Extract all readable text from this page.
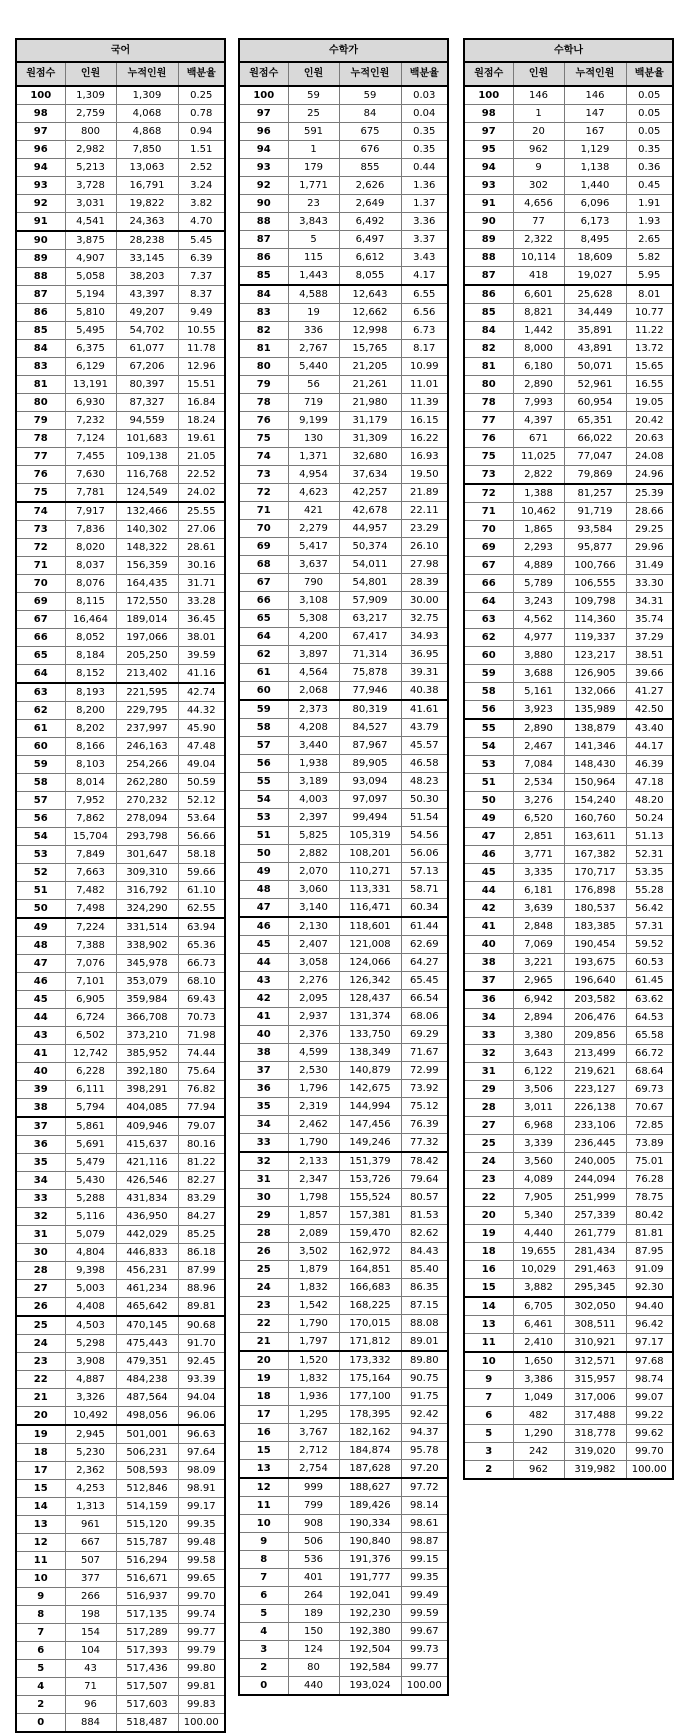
국어			
원점수	인원	누적인원	백분율
100	1,309	1,309	0.25
98	2,759	4,068	0.78
97	800	4,868	0.94
96	2,982	7,850	1.51
94	5,213	13,063	2.52
93	3,728	16,791	3.24
92	3,031	19,822	3.82
91	4,541	24,363	4.70
90	3,875	28,238	5.45
89	4,907	33,145	6.39
88	5,058	38,203	7.37
87	5,194	43,397	8.37
86	5,810	49,207	9.49
85	5,495	54,702	10.55
84	6,375	61,077	11.78
83	6,129	67,206	12.96
81	13,191	80,397	15.51
80	6,930	87,327	16.84
79	7,232	94,559	18.24
78	7,124	101,683	19.61
77	7,455	109,138	21.05
76	7,630	116,768	22.52
75	7,781	124,549	24.02
74	7,917	132,466	25.55
73	7,836	140,302	27.06
72	8,020	148,322	28.61
71	8,037	156,359	30.16
70	8,076	164,435	31.71
69	8,115	172,550	33.28
67	16,464	189,014	36.45
66	8,052	197,066	38.01
65	8,184	205,250	39.59
64	8,152	213,402	41.16
63	8,193	221,595	42.74
62	8,200	229,795	44.32
61	8,202	237,997	45.90
60	8,166	246,163	47.48
59	8,103	254,266	49.04
58	8,014	262,280	50.59
57	7,952	270,232	52.12
56	7,862	278,094	53.64
54	15,704	293,798	56.66
53	7,849	301,647	58.18
52	7,663	309,310	59.66
51	7,482	316,792	61.10
50	7,498	324,290	62.55
49	7,224	331,514	63.94
48	7,388	338,902	65.36
47	7,076	345,978	66.73
46	7,101	353,079	68.10
45	6,905	359,984	69.43
44	6,724	366,708	70.73
43	6,502	373,210	71.98
41	12,742	385,952	74.44
40	6,228	392,180	75.64
39	6,111	398,291	76.82
38	5,794	404,085	77.94
37	5,861	409,946	79.07
36	5,691	415,637	80.16
35	5,479	421,116	81.22
34	5,430	426,546	82.27
33	5,288	431,834	83.29
32	5,116	436,950	84.27
31	5,079	442,029	85.25
30	4,804	446,833	86.18
28	9,398	456,231	87.99
27	5,003	461,234	88.96
26	4,408	465,642	89.81
25	4,503	470,145	90.68
24	5,298	475,443	91.70
23	3,908	479,351	92.45
22	4,887	484,238	93.39
21	3,326	487,564	94.04
20	10,492	498,056	96.06
19	2,945	501,001	96.63
18	5,230	506,231	97.64
17	2,362	508,593	98.09
15	4,253	512,846	98.91
14	1,313	514,159	99.17
13	961	515,120	99.35
12	667	515,787	99.48
11	507	516,294	99.58
10	377	516,671	99.65
9	266	516,937	99.70
8	198	517,135	99.74
7	154	517,289	99.77
6	104	517,393	99.79
5	43	517,436	99.80
4	71	517,507	99.81
2	96	517,603	99.83
0	884	518,487	100.00
수학가			
원점수	인원	누적인원	백분율
100	59	59	0.03
97	25	84	0.04
96	591	675	0.35
94	1	676	0.35
93	179	855	0.44
92	1,771	2,626	1.36
90	23	2,649	1.37
88	3,843	6,492	3.36
87	5	6,497	3.37
86	115	6,612	3.43
85	1,443	8,055	4.17
84	4,588	12,643	6.55
83	19	12,662	6.56
82	336	12,998	6.73
81	2,767	15,765	8.17
80	5,440	21,205	10.99
79	56	21,261	11.01
78	719	21,980	11.39
76	9,199	31,179	16.15
75	130	31,309	16.22
74	1,371	32,680	16.93
73	4,954	37,634	19.50
72	4,623	42,257	21.89
71	421	42,678	22.11
70	2,279	44,957	23.29
69	5,417	50,374	26.10
68	3,637	54,011	27.98
67	790	54,801	28.39
66	3,108	57,909	30.00
65	5,308	63,217	32.75
64	4,200	67,417	34.93
62	3,897	71,314	36.95
61	4,564	75,878	39.31
60	2,068	77,946	40.38
59	2,373	80,319	41.61
58	4,208	84,527	43.79
57	3,440	87,967	45.57
56	1,938	89,905	46.58
55	3,189	93,094	48.23
54	4,003	97,097	50.30
53	2,397	99,494	51.54
51	5,825	105,319	54.56
50	2,882	108,201	56.06
49	2,070	110,271	57.13
48	3,060	113,331	58.71
47	3,140	116,471	60.34
46	2,130	118,601	61.44
45	2,407	121,008	62.69
44	3,058	124,066	64.27
43	2,276	126,342	65.45
42	2,095	128,437	66.54
41	2,937	131,374	68.06
40	2,376	133,750	69.29
38	4,599	138,349	71.67
37	2,530	140,879	72.99
36	1,796	142,675	73.92
35	2,319	144,994	75.12
34	2,462	147,456	76.39
33	1,790	149,246	77.32
32	2,133	151,379	78.42
31	2,347	153,726	79.64
30	1,798	155,524	80.57
29	1,857	157,381	81.53
28	2,089	159,470	82.62
26	3,502	162,972	84.43
25	1,879	164,851	85.40
24	1,832	166,683	86.35
23	1,542	168,225	87.15
22	1,790	170,015	88.08
21	1,797	171,812	89.01
20	1,520	173,332	89.80
19	1,832	175,164	90.75
18	1,936	177,100	91.75
17	1,295	178,395	92.42
16	3,767	182,162	94.37
15	2,712	184,874	95.78
13	2,754	187,628	97.20
12	999	188,627	97.72
11	799	189,426	98.14
10	908	190,334	98.61
9	506	190,840	98.87
8	536	191,376	99.15
7	401	191,777	99.35
6	264	192,041	99.49
5	189	192,230	99.59
4	150	192,380	99.67
3	124	192,504	99.73
2	80	192,584	99.77
0	440	193,024	100.00
수학나			
원점수	인원	누적인원	백분율
100	146	146	0.05
98	1	147	0.05
97	20	167	0.05
95	962	1,129	0.35
94	9	1,138	0.36
93	302	1,440	0.45
91	4,656	6,096	1.91
90	77	6,173	1.93
89	2,322	8,495	2.65
88	10,114	18,609	5.82
87	418	19,027	5.95
86	6,601	25,628	8.01
85	8,821	34,449	10.77
84	1,442	35,891	11.22
82	8,000	43,891	13.72
81	6,180	50,071	15.65
80	2,890	52,961	16.55
78	7,993	60,954	19.05
77	4,397	65,351	20.42
76	671	66,022	20.63
75	11,025	77,047	24.08
73	2,822	79,869	24.96
72	1,388	81,257	25.39
71	10,462	91,719	28.66
70	1,865	93,584	29.25
69	2,293	95,877	29.96
67	4,889	100,766	31.49
66	5,789	106,555	33.30
64	3,243	109,798	34.31
63	4,562	114,360	35.74
62	4,977	119,337	37.29
60	3,880	123,217	38.51
59	3,688	126,905	39.66
58	5,161	132,066	41.27
56	3,923	135,989	42.50
55	2,890	138,879	43.40
54	2,467	141,346	44.17
53	7,084	148,430	46.39
51	2,534	150,964	47.18
50	3,276	154,240	48.20
49	6,520	160,760	50.24
47	2,851	163,611	51.13
46	3,771	167,382	52.31
45	3,335	170,717	53.35
44	6,181	176,898	55.28
42	3,639	180,537	56.42
41	2,848	183,385	57.31
40	7,069	190,454	59.52
38	3,221	193,675	60.53
37	2,965	196,640	61.45
36	6,942	203,582	63.62
34	2,894	206,476	64.53
33	3,380	209,856	65.58
32	3,643	213,499	66.72
31	6,122	219,621	68.64
29	3,506	223,127	69.73
28	3,011	226,138	70.67
27	6,968	233,106	72.85
25	3,339	236,445	73.89
24	3,560	240,005	75.01
23	4,089	244,094	76.28
22	7,905	251,999	78.75
20	5,340	257,339	80.42
19	4,440	261,779	81.81
18	19,655	281,434	87.95
16	10,029	291,463	91.09
15	3,882	295,345	92.30
14	6,705	302,050	94.40
13	6,461	308,511	96.42
11	2,410	310,921	97.17
10	1,650	312,571	97.68
9	3,386	315,957	98.74
7	1,049	317,006	99.07
6	482	317,488	99.22
5	1,290	318,778	99.62
3	242	319,020	99.70
2	962	319,982	100.00
